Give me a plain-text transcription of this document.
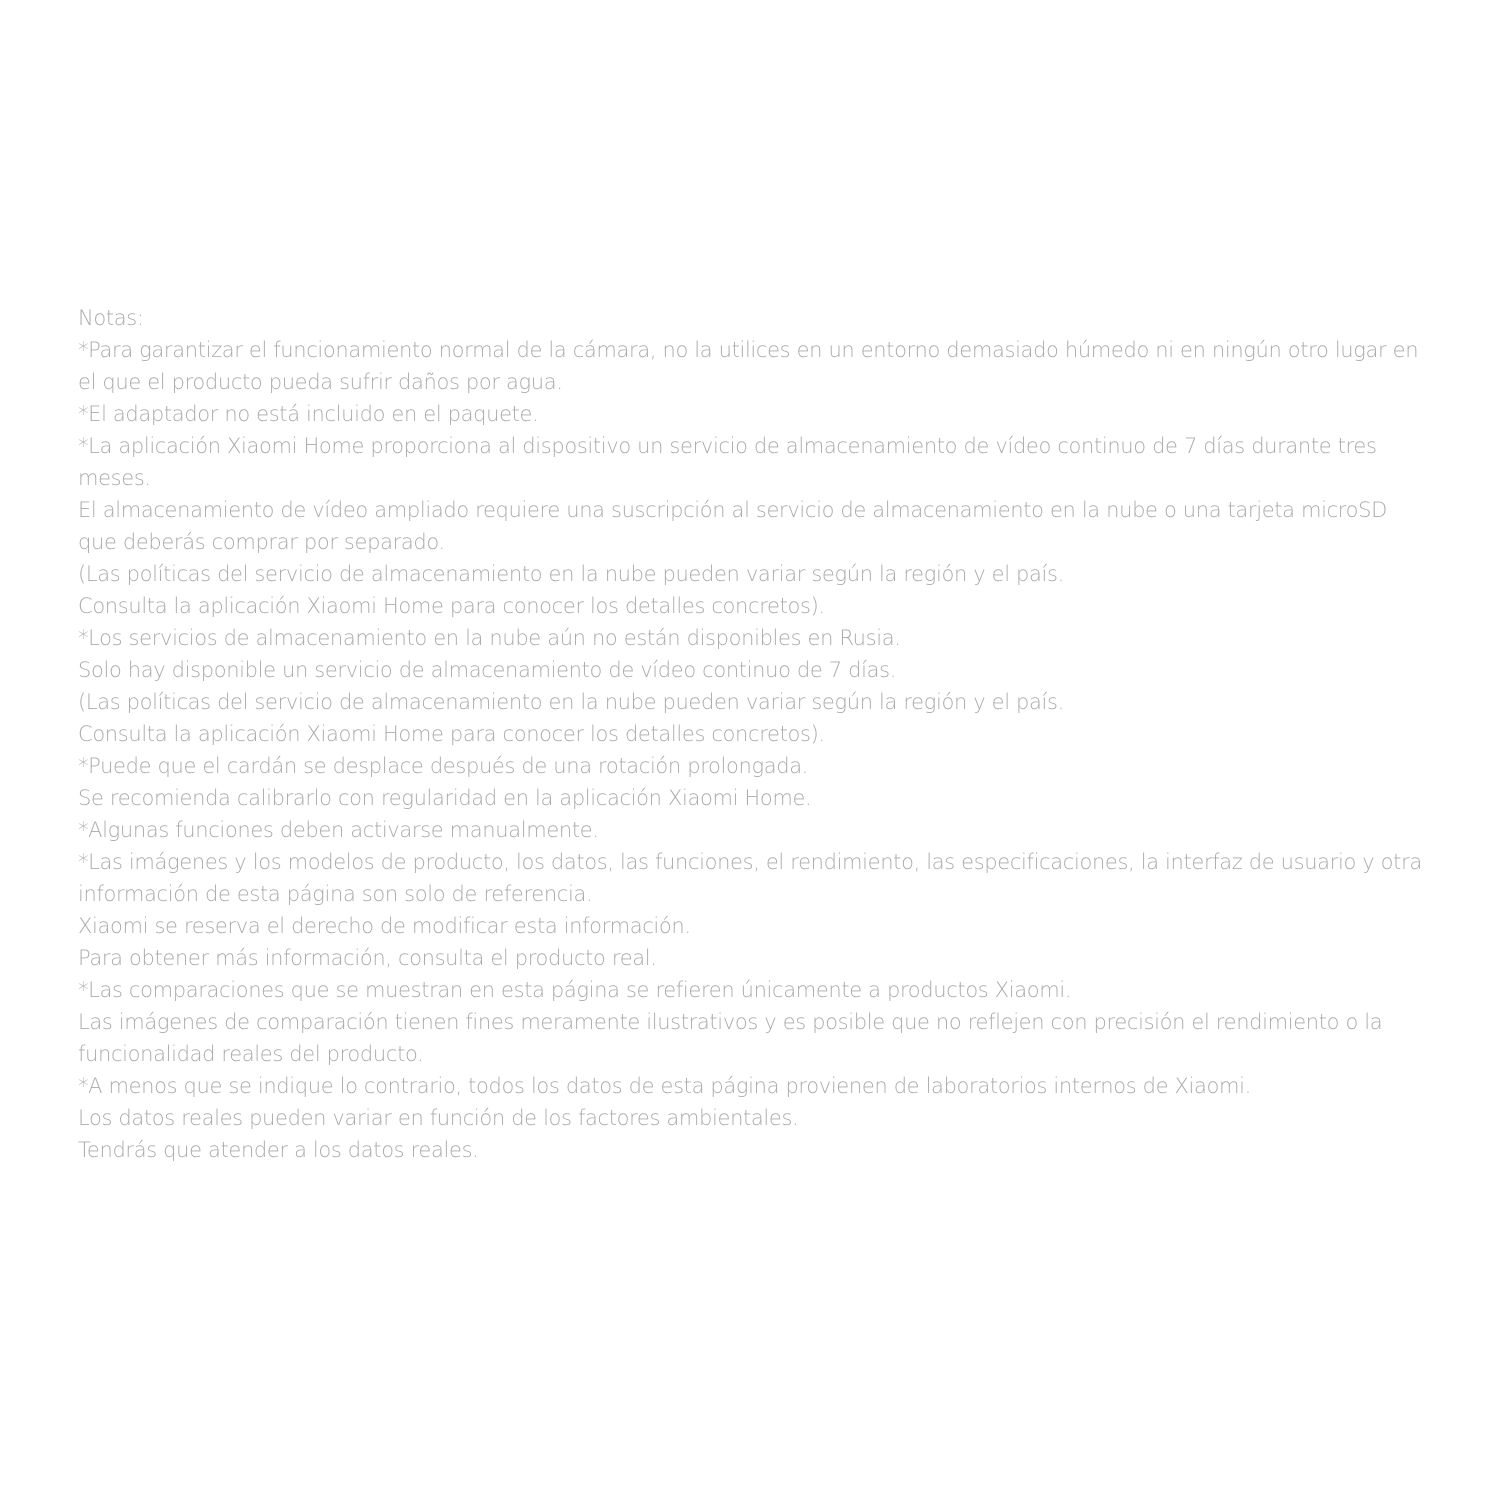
Notas:

*Para garantizar el funcionamiento normal de la cámara, no la utilices en un entorno demasiado húmedo ni en ningún otro lugar en el que el producto pueda sufrir daños por agua.

*El adaptador no está incluido en el paquete.

*La aplicación Xiaomi Home proporciona al dispositivo un servicio de almacenamiento de vídeo continuo de 7 días durante tres meses.

El almacenamiento de vídeo ampliado requiere una suscripción al servicio de almacenamiento en la nube o una tarjeta microSD que deberás comprar por separado.

(Las políticas del servicio de almacenamiento en la nube pueden variar según la región y el país.

Consulta la aplicación Xiaomi Home para conocer los detalles concretos).

*Los servicios de almacenamiento en la nube aún no están disponibles en Rusia.

Solo hay disponible un servicio de almacenamiento de vídeo continuo de 7 días.

(Las políticas del servicio de almacenamiento en la nube pueden variar según la región y el país.

Consulta la aplicación Xiaomi Home para conocer los detalles concretos).

*Puede que el cardán se desplace después de una rotación prolongada.

Se recomienda calibrarlo con regularidad en la aplicación Xiaomi Home.

*Algunas funciones deben activarse manualmente.

*Las imágenes y los modelos de producto, los datos, las funciones, el rendimiento, las especificaciones, la interfaz de usuario y otra información de esta página son solo de referencia.

Xiaomi se reserva el derecho de modificar esta información.

Para obtener más información, consulta el producto real.

*Las comparaciones que se muestran en esta página se refieren únicamente a productos Xiaomi.

Las imágenes de comparación tienen fines meramente ilustrativos y es posible que no reflejen con precisión el rendimiento o la funcionalidad reales del producto.

*A menos que se indique lo contrario, todos los datos de esta página provienen de laboratorios internos de Xiaomi.

Los datos reales pueden variar en función de los factores ambientales.

Tendrás que atender a los datos reales.
